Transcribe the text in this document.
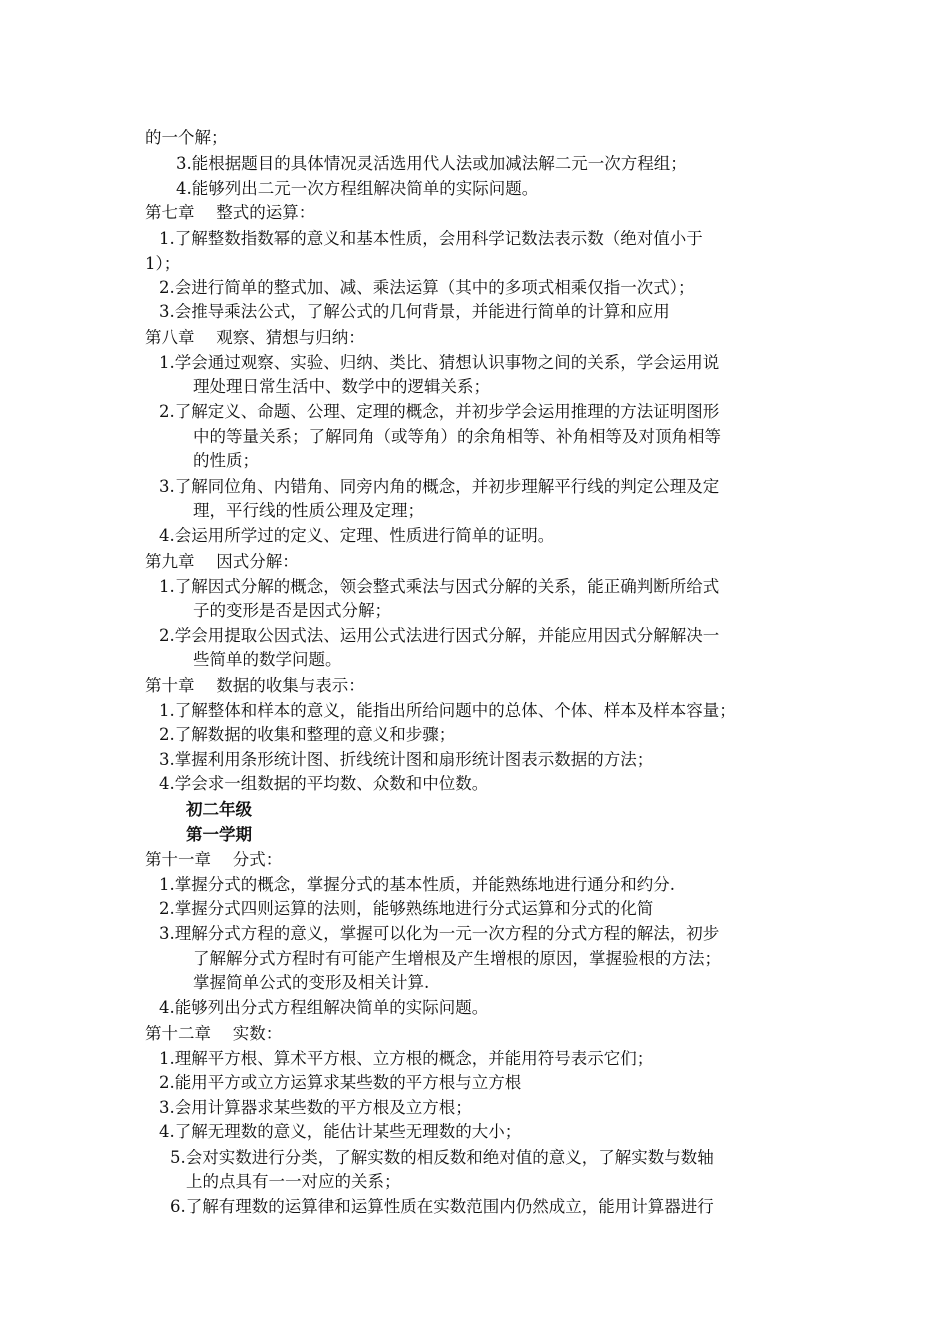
的一个解；
3.能根据题目的具体情况灵活选用代人法或加减法解二元一次方程组；
4.能够列出二元一次方程组解决简单的实际问题。
第七章　 整式的运算：
1.了解整数指数幂的意义和基本性质，会用科学记数法表示数（绝对值小于
1）；
2.会进行简单的整式加、减、乘法运算（其中的多项式相乘仅指一次式）；
3.会推导乘法公式，了解公式的几何背景，并能进行简单的计算和应用
第八章　 观察、猜想与归纳：
1.学会通过观察、实验、归纳、类比、猜想认识事物之间的关系，学会运用说
理处理日常生活中、数学中的逻辑关系；
2.了解定义、命题、公理、定理的概念，并初步学会运用推理的方法证明图形
中的等量关系；了解同角（或等角）的余角相等、补角相等及对顶角相等
的性质；
3.了解同位角、内错角、同旁内角的概念，并初步理解平行线的判定公理及定
理，平行线的性质公理及定理；
4.会运用所学过的定义、定理、性质进行简单的证明。
第九章　 因式分解：
1.了解因式分解的概念，领会整式乘法与因式分解的关系，能正确判断所给式
子的变形是否是因式分解；
2.学会用提取公因式法、运用公式法进行因式分解，并能应用因式分解解决一
些简单的数学问题。
第十章　 数据的收集与表示：
1.了解整体和样本的意义，能指出所给问题中的总体、个体、样本及样本容量；
2.了解数据的收集和整理的意义和步骤；
3.掌握利用条形统计图、折线统计图和扇形统计图表示数据的方法；
4.学会求一组数据的平均数、众数和中位数。
初二年级
第一学期
第十一章　 分式：
1.掌握分式的概念，掌握分式的基本性质，并能熟练地进行通分和约分.
2.掌握分式四则运算的法则，能够熟练地进行分式运算和分式的化简
3.理解分式方程的意义，掌握可以化为一元一次方程的分式方程的解法，初步
了解解分式方程时有可能产生增根及产生增根的原因，掌握验根的方法；
掌握简单公式的变形及相关计算.
4.能够列出分式方程组解决简单的实际问题。
第十二章　 实数：
1.理解平方根、算术平方根、立方根的概念，并能用符号表示它们；
2.能用平方或立方运算求某些数的平方根与立方根
3.会用计算器求某些数的平方根及立方根；
4.了解无理数的意义，能估计某些无理数的大小；
5.会对实数进行分类，了解实数的相反数和绝对值的意义，了解实数与数轴
上的点具有一一对应的关系；
6.了解有理数的运算律和运算性质在实数范围内仍然成立，能用计算器进行
